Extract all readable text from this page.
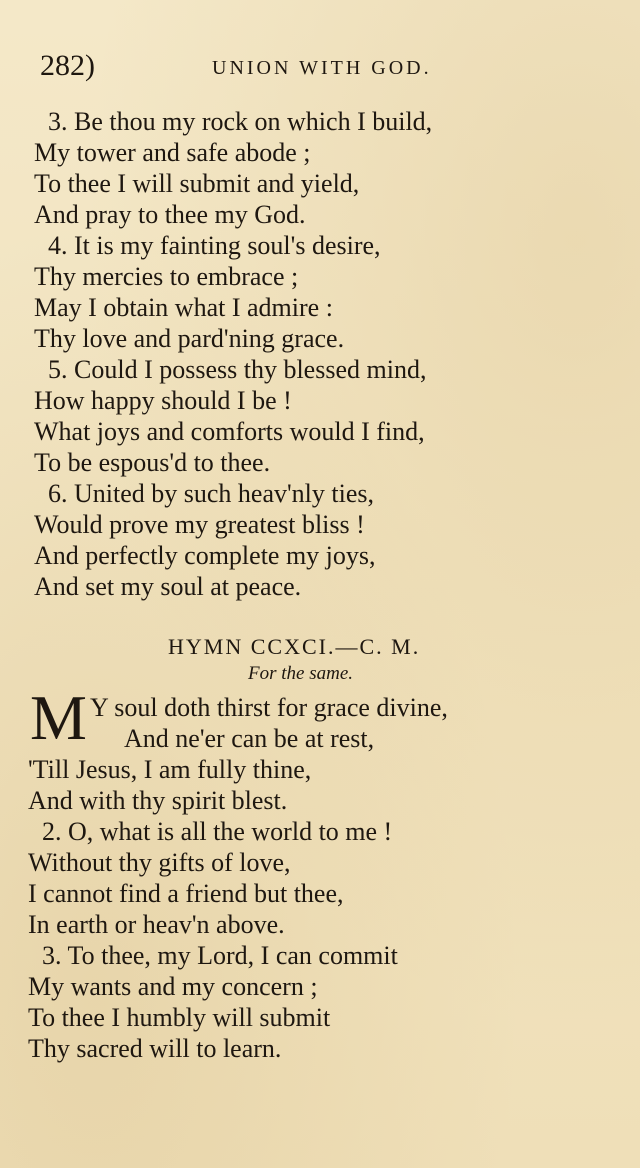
282)	UNION WITH GOD.
3. Be thou my rock on which I build,
My tower and safe abode ;
To thee I will submit and yield,
And pray to thee my God.
4. It is my fainting soul's desire,
Thy mercies to embrace ;
May I obtain what I admire :
Thy love and pard'ning grace.
5. Could I possess thy blessed mind,
How happy should I be !
What joys and comforts would I find,
To be espous'd to thee.
6. United by such heav'nly ties,
Would prove my greatest bliss !
And perfectly complete my joys,
And set my soul at peace.
HYMN CCXCI.—C. M.
For the same.
M Y soul doth thirst for grace divine,
And ne'er can be at rest,
'Till Jesus, I am fully thine,
And with thy spirit blest.
2. O, what is all the world to me !
Without thy gifts of love,
I cannot find a friend but thee,
In earth or heav'n above.
3. To thee, my Lord, I can commit
My wants and my concern ;
To thee I humbly will submit
Thy sacred will to learn.
